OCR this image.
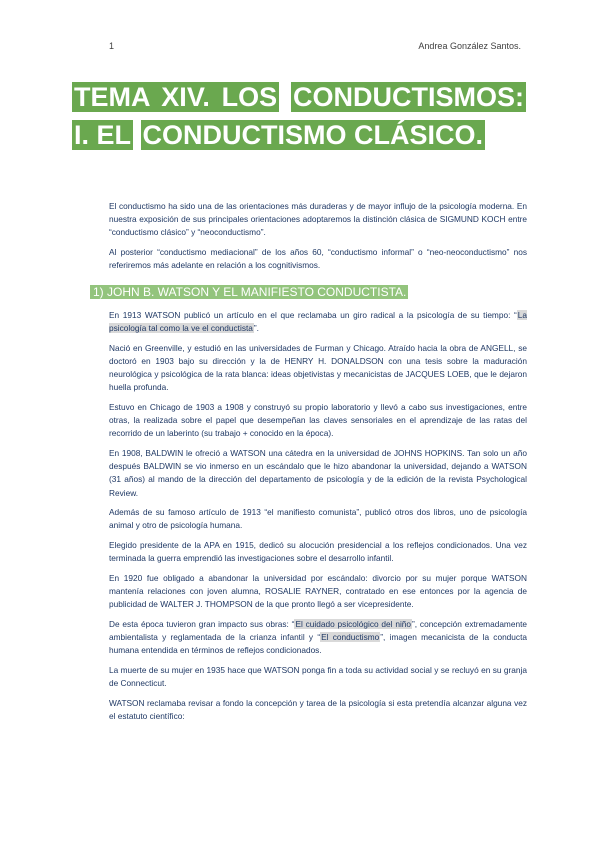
1	Andrea González Santos.
TEMA XIV. LOS CONDUCTISMOS: I. EL CONDUCTISMO CLÁSICO.

El conductismo ha sido una de las orientaciones más duraderas y de mayor influjo de la psicología moderna. En nuestra exposición de sus principales orientaciones adoptaremos la distinción clásica de SIGMUND KOCH entre “conductismo clásico” y “neoconductismo”.

Al posterior “conductismo mediacional” de los años 60, “conductismo informal” o “neo-neoconductismo” nos referiremos más adelante en relación a los cognitivismos.

1) JOHN B. WATSON Y EL MANIFIESTO CONDUCTISTA.

En 1913 WATSON publicó un artículo en el que reclamaba un giro radical a la psicología de su tiempo: “La psicología tal como la ve el conductista”.

Nació en Greenville, y estudió en las universidades de Furman y Chicago. Atraído hacia la obra de ANGELL, se doctoró en 1903 bajo su dirección y la de HENRY H. DONALDSON con una tesis sobre la maduración neurológica y psicológica de la rata blanca: ideas objetivistas y mecanicistas de JACQUES LOEB, que le dejaron huella profunda.

Estuvo en Chicago de 1903 a 1908 y construyó su propio laboratorio y llevó a cabo sus investigaciones, entre otras, la realizada sobre el papel que desempeñan las claves sensoriales en el aprendizaje de las ratas del recorrido de un laberinto (su trabajo + conocido en la época).

En 1908, BALDWIN le ofreció a WATSON una cátedra en la universidad de JOHNS HOPKINS. Tan solo un año después BALDWIN se vio inmerso en un escándalo que le hizo abandonar la universidad, dejando a WATSON (31 años) al mando de la dirección del departamento de psicología y de la edición de la revista Psychological Review.

Además de su famoso artículo de 1913 “el manifiesto comunista”, publicó otros dos libros, uno de psicología animal y otro de psicología humana.

Elegido presidente de la APA en 1915, dedicó su alocución presidencial a los reflejos condicionados. Una vez terminada la guerra emprendió las investigaciones sobre el desarrollo infantil.

En 1920 fue obligado a abandonar la universidad por escándalo: divorcio por su mujer porque WATSON mantenía relaciones con joven alumna, ROSALIE RAYNER, contratado en ese entonces por la agencia de publicidad de WALTER J. THOMPSON de la que pronto llegó a ser vicepresidente.

De esta época tuvieron gran impacto sus obras: “El cuidado psicológico del niño”, concepción extremadamente ambientalista y reglamentada de la crianza infantil y “El conductismo”, imagen mecanicista de la conducta humana entendida en términos de reflejos condicionados.

La muerte de su mujer en 1935 hace que WATSON ponga fin a toda su actividad social y se recluyó en su granja de Connecticut.

WATSON reclamaba revisar a fondo la concepción y tarea de la psicología si esta pretendía alcanzar alguna vez el estatuto científico:
